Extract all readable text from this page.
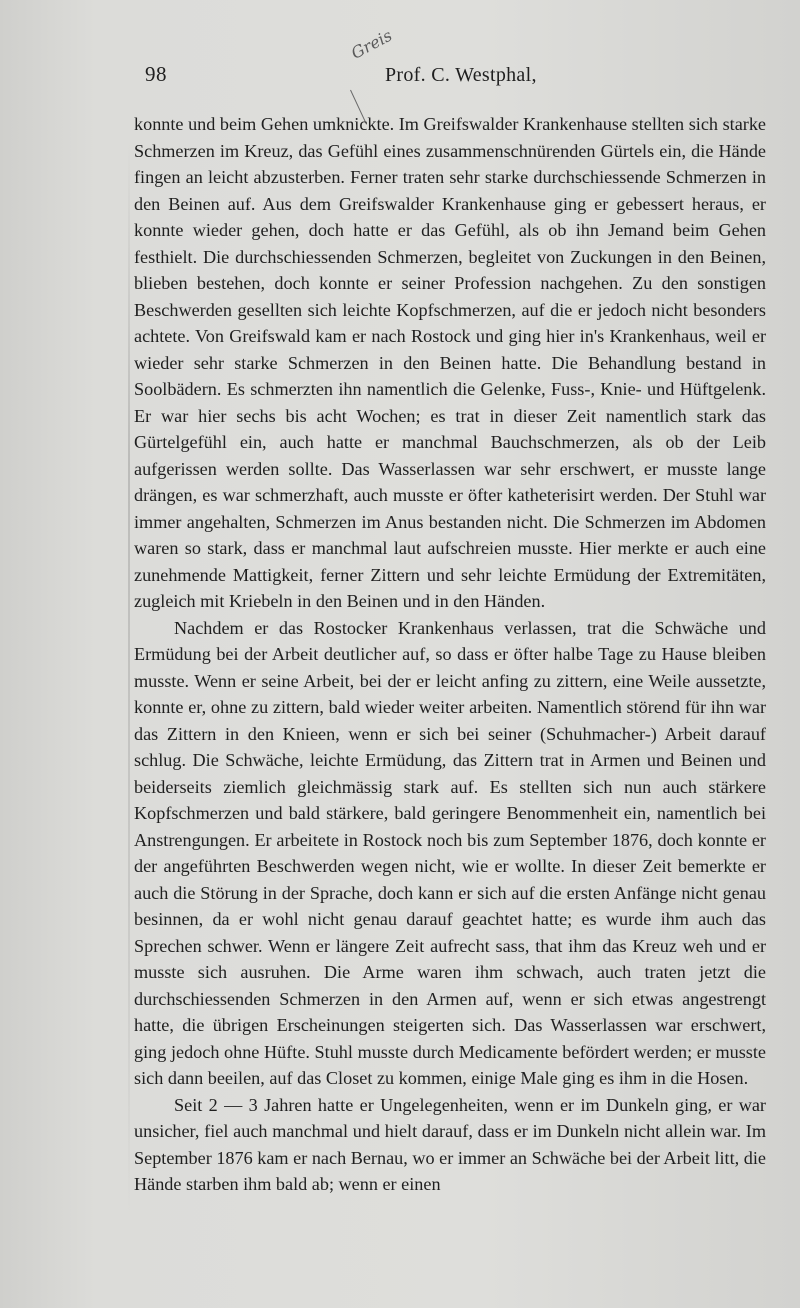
98	Prof. C. Westphal,
Greis

konnte und beim Gehen umknickte. Im Greifswalder Krankenhause stellten sich starke Schmerzen im Kreuz, das Gefühl eines zusammenschnürenden Gürtels ein, die Hände fingen an leicht abzusterben. Ferner traten sehr starke durchschiessende Schmerzen in den Beinen auf. Aus dem Greifswalder Krankenhause ging er gebessert heraus, er konnte wieder gehen, doch hatte er das Gefühl, als ob ihn Jemand beim Gehen festhielt. Die durchschiessenden Schmerzen, begleitet von Zuckungen in den Beinen, blieben bestehen, doch konnte er seiner Profession nachgehen. Zu den sonstigen Beschwerden gesellten sich leichte Kopfschmerzen, auf die er jedoch nicht besonders achtete. Von Greifswald kam er nach Rostock und ging hier in's Krankenhaus, weil er wieder sehr starke Schmerzen in den Beinen hatte. Die Behandlung bestand in Soolbädern. Es schmerzten ihn namentlich die Gelenke, Fuss-, Knie- und Hüftgelenk. Er war hier sechs bis acht Wochen; es trat in dieser Zeit namentlich stark das Gürtelgefühl ein, auch hatte er manchmal Bauchschmerzen, als ob der Leib aufgerissen werden sollte. Das Wasserlassen war sehr erschwert, er musste lange drängen, es war schmerzhaft, auch musste er öfter katheterisirt werden. Der Stuhl war immer angehalten, Schmerzen im Anus bestanden nicht. Die Schmerzen im Abdomen waren so stark, dass er manchmal laut aufschreien musste. Hier merkte er auch eine zunehmende Mattigkeit, ferner Zittern und sehr leichte Ermüdung der Extremitäten, zugleich mit Kriebeln in den Beinen und in den Händen.

Nachdem er das Rostocker Krankenhaus verlassen, trat die Schwäche und Ermüdung bei der Arbeit deutlicher auf, so dass er öfter halbe Tage zu Hause bleiben musste. Wenn er seine Arbeit, bei der er leicht anfing zu zittern, eine Weile aussetzte, konnte er, ohne zu zittern, bald wieder weiter arbeiten. Namentlich störend für ihn war das Zittern in den Knieen, wenn er sich bei seiner (Schuhmacher-) Arbeit darauf schlug. Die Schwäche, leichte Ermüdung, das Zittern trat in Armen und Beinen und beiderseits ziemlich gleichmässig stark auf. Es stellten sich nun auch stärkere Kopfschmerzen und bald stärkere, bald geringere Benommenheit ein, namentlich bei Anstrengungen. Er arbeitete in Rostock noch bis zum September 1876, doch konnte er der angeführten Beschwerden wegen nicht, wie er wollte. In dieser Zeit bemerkte er auch die Störung in der Sprache, doch kann er sich auf die ersten Anfänge nicht genau besinnen, da er wohl nicht genau darauf geachtet hatte; es wurde ihm auch das Sprechen schwer. Wenn er längere Zeit aufrecht sass, that ihm das Kreuz weh und er musste sich ausruhen. Die Arme waren ihm schwach, auch traten jetzt die durchschiessenden Schmerzen in den Armen auf, wenn er sich etwas angestrengt hatte, die übrigen Erscheinungen steigerten sich. Das Wasserlassen war erschwert, ging jedoch ohne Hüfte. Stuhl musste durch Medicamente befördert werden; er musste sich dann beeilen, auf das Closet zu kommen, einige Male ging es ihm in die Hosen.

Seit 2 — 3 Jahren hatte er Ungelegenheiten, wenn er im Dunkeln ging, er war unsicher, fiel auch manchmal und hielt darauf, dass er im Dunkeln nicht allein war. Im September 1876 kam er nach Bernau, wo er immer an Schwäche bei der Arbeit litt, die Hände starben ihm bald ab; wenn er einen
